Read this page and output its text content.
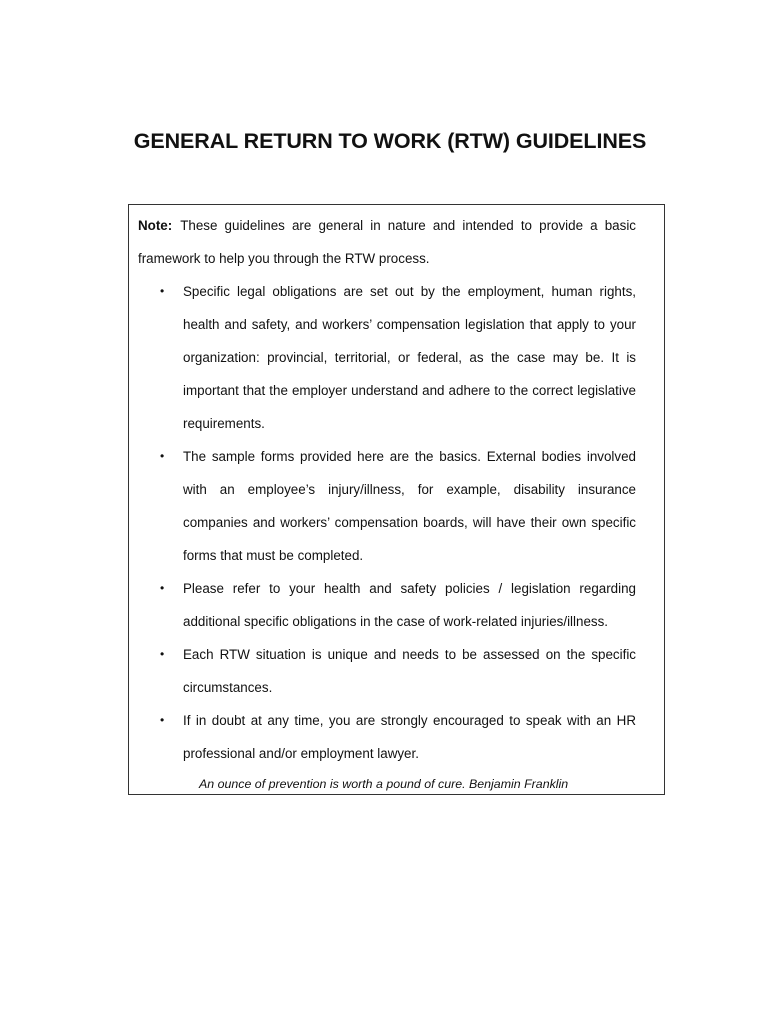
GENERAL RETURN TO WORK (RTW) GUIDELINES

Note: These guidelines are general in nature and intended to provide a basic framework to help you through the RTW process.

• Specific legal obligations are set out by the employment, human rights, health and safety, and workers’ compensation legislation that apply to your organization: provincial, territorial, or federal, as the case may be. It is important that the employer understand and adhere to the correct legislative requirements.
• The sample forms provided here are the basics. External bodies involved with an employee’s injury/illness, for example, disability insurance companies and workers’ compensation boards, will have their own specific forms that must be completed.
• Please refer to your health and safety policies / legislation regarding additional specific obligations in the case of work-related injuries/illness.
• Each RTW situation is unique and needs to be assessed on the specific circumstances.
• If in doubt at any time, you are strongly encouraged to speak with an HR professional and/or employment lawyer.

An ounce of prevention is worth a pound of cure. Benjamin Franklin
